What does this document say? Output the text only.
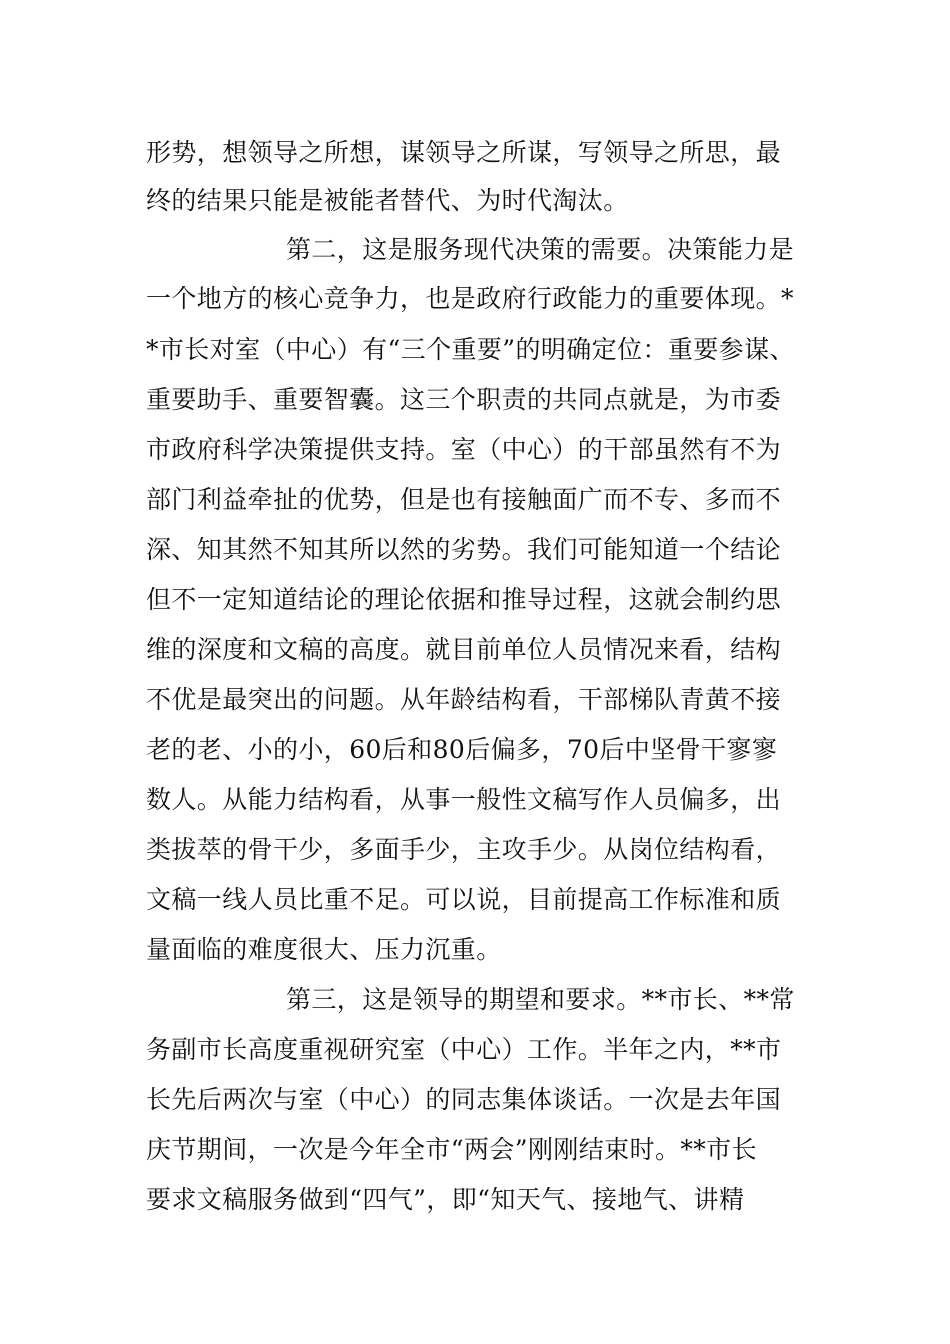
形势，想领导之所想，谋领导之所谋，写领导之所思，最
终的结果只能是被能者替代、为时代淘汰。
第二，这是服务现代决策的需要。决策能力是
一个地方的核心竞争力，也是政府行政能力的重要体现。*
*市长对室（中心）有“三个重要”的明确定位：重要参谋、
重要助手、重要智囊。这三个职责的共同点就是，为市委
市政府科学决策提供支持。室（中心）的干部虽然有不为
部门利益牵扯的优势，但是也有接触面广而不专、多而不
深、知其然不知其所以然的劣势。我们可能知道一个结论
但不一定知道结论的理论依据和推导过程，这就会制约思
维的深度和文稿的高度。就目前单位人员情况来看，结构
不优是最突出的问题。从年龄结构看，干部梯队青黄不接
老的老、小的小，60后和80后偏多，70后中坚骨干寥寥
数人。从能力结构看，从事一般性文稿写作人员偏多，出
类拔萃的骨干少，多面手少，主攻手少。从岗位结构看，
文稿一线人员比重不足。可以说，目前提高工作标准和质
量面临的难度很大、压力沉重。
第三，这是领导的期望和要求。**市长、**常
务副市长高度重视研究室（中心）工作。半年之内，**市
长先后两次与室（中心）的同志集体谈话。一次是去年国
庆节期间，一次是今年全市“两会”刚刚结束时。**市长
要求文稿服务做到“四气”，即“知天气、接地气、讲精
